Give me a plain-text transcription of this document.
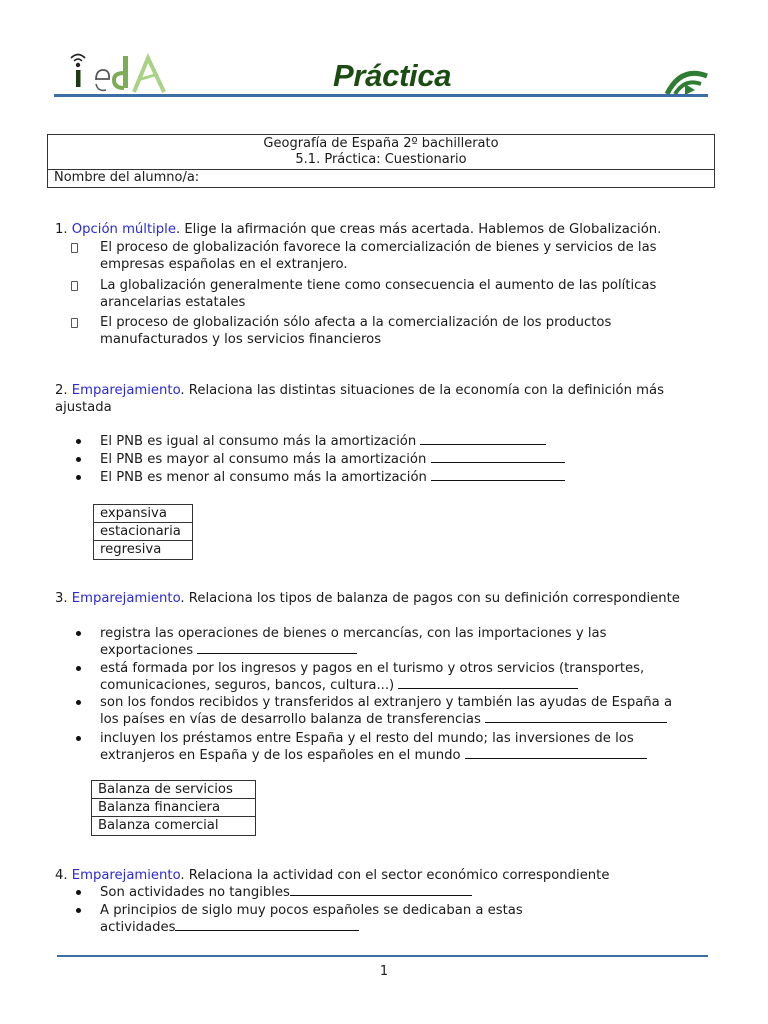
Práctica
Geografía de España 2º bachillerato
5.1. Práctica: Cuestionario
Nombre del alumno/a:
1. Opción múltiple. Elige la afirmación que creas más acertada. Hablemos de Globalización.
El proceso de globalización favorece la comercialización de bienes y servicios de las
empresas españolas en el extranjero.
La globalización generalmente tiene como consecuencia el aumento de las políticas
arancelarias estatales
El proceso de globalización sólo afecta a la comercialización de los productos
manufacturados y los servicios financieros
2. Emparejamiento. Relaciona las distintas situaciones de la economía con la definición más
ajustada
El PNB es igual al consumo más la amortización
El PNB es mayor al consumo más la amortización
El PNB es menor al consumo más la amortización
expansiva
estacionaria
regresiva
3. Emparejamiento. Relaciona los tipos de balanza de pagos con su definición correspondiente
registra las operaciones de bienes o mercancías, con las importaciones y las
exportaciones
está formada por los ingresos y pagos en el turismo y otros servicios (transportes,
comunicaciones, seguros, bancos, cultura...)
son los fondos recibidos y transferidos al extranjero y también las ayudas de España a
los países en vías de desarrollo balanza de transferencias
incluyen los préstamos entre España y el resto del mundo; las inversiones de los
extranjeros en España y de los españoles en el mundo
Balanza de servicios
Balanza financiera
Balanza comercial
4. Emparejamiento. Relaciona la actividad con el sector económico correspondiente
Son actividades no tangibles
A principios de siglo muy pocos españoles se dedicaban a estas
actividades
1
